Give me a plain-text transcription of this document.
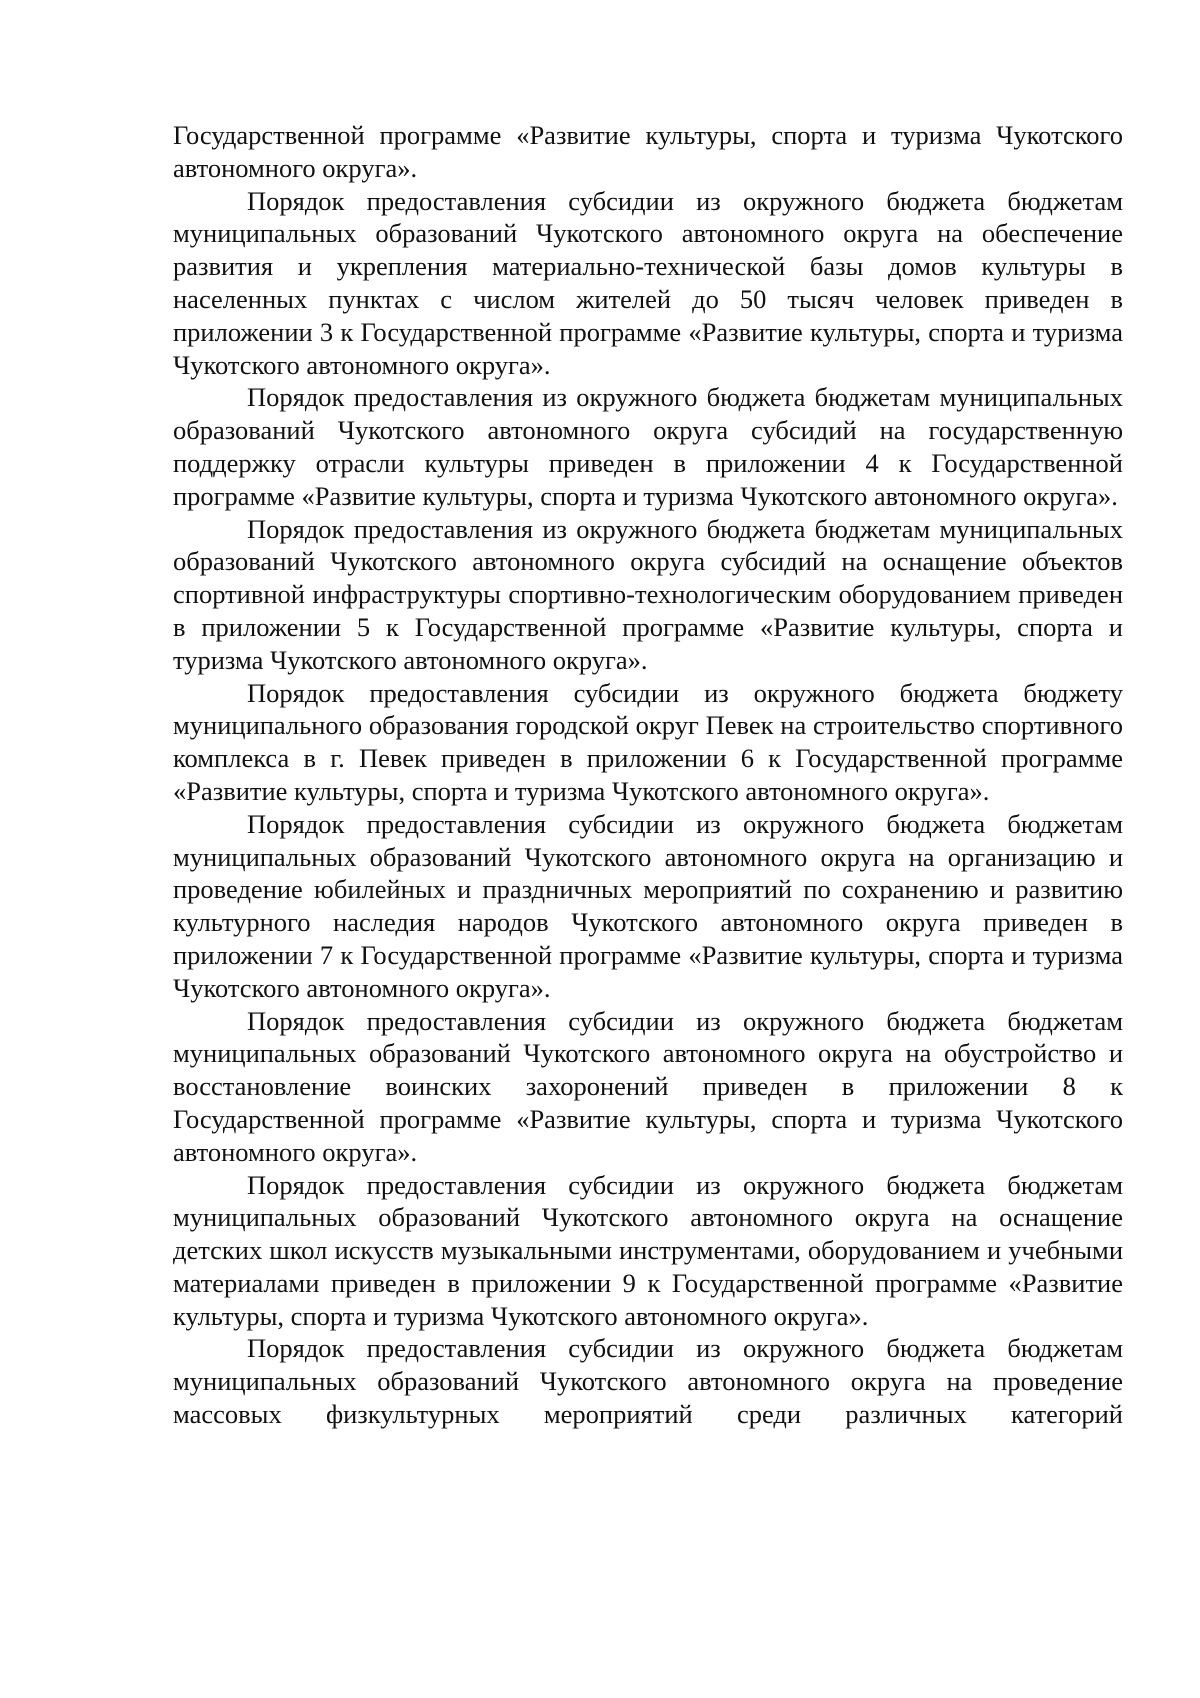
Государственной программе «Развитие культуры, спорта и туризма Чукотского автономного округа».

Порядок предоставления субсидии из окружного бюджета бюджетам муниципальных образований Чукотского автономного округа на обеспечение развития и укрепления материально-технической базы домов культуры в населенных пунктах с числом жителей до 50 тысяч человек приведен в приложении 3 к Государственной программе «Развитие культуры, спорта и туризма Чукотского автономного округа».

Порядок предоставления из окружного бюджета бюджетам муниципальных образований Чукотского автономного округа субсидий на государственную поддержку отрасли культуры приведен в приложении 4 к Государственной программе «Развитие культуры, спорта и туризма Чукотского автономного округа».

Порядок предоставления из окружного бюджета бюджетам муниципальных образований Чукотского автономного округа субсидий на оснащение объектов спортивной инфраструктуры спортивно-технологическим оборудованием приведен в приложении 5 к Государственной программе «Развитие культуры, спорта и туризма Чукотского автономного округа».

Порядок предоставления субсидии из окружного бюджета бюджету муниципального образования городской округ Певек на строительство спортивного комплекса в г. Певек приведен в приложении 6 к Государственной программе «Развитие культуры, спорта и туризма Чукотского автономного округа».

Порядок предоставления субсидии из окружного бюджета бюджетам муниципальных образований Чукотского автономного округа на организацию и проведение юбилейных и праздничных мероприятий по сохранению и развитию культурного наследия народов Чукотского автономного округа приведен в приложении 7 к Государственной программе «Развитие культуры, спорта и туризма Чукотского автономного округа».

Порядок предоставления субсидии из окружного бюджета бюджетам муниципальных образований Чукотского автономного округа на обустройство и восстановление воинских захоронений приведен в приложении 8 к Государственной программе «Развитие культуры, спорта и туризма Чукотского автономного округа».

Порядок предоставления субсидии из окружного бюджета бюджетам муниципальных образований Чукотского автономного округа на оснащение детских школ искусств музыкальными инструментами, оборудованием и учебными материалами приведен в приложении 9 к Государственной программе «Развитие культуры, спорта и туризма Чукотского автономного округа».

Порядок предоставления субсидии из окружного бюджета бюджетам муниципальных образований Чукотского автономного округа на проведение массовых физкультурных мероприятий среди различных категорий
